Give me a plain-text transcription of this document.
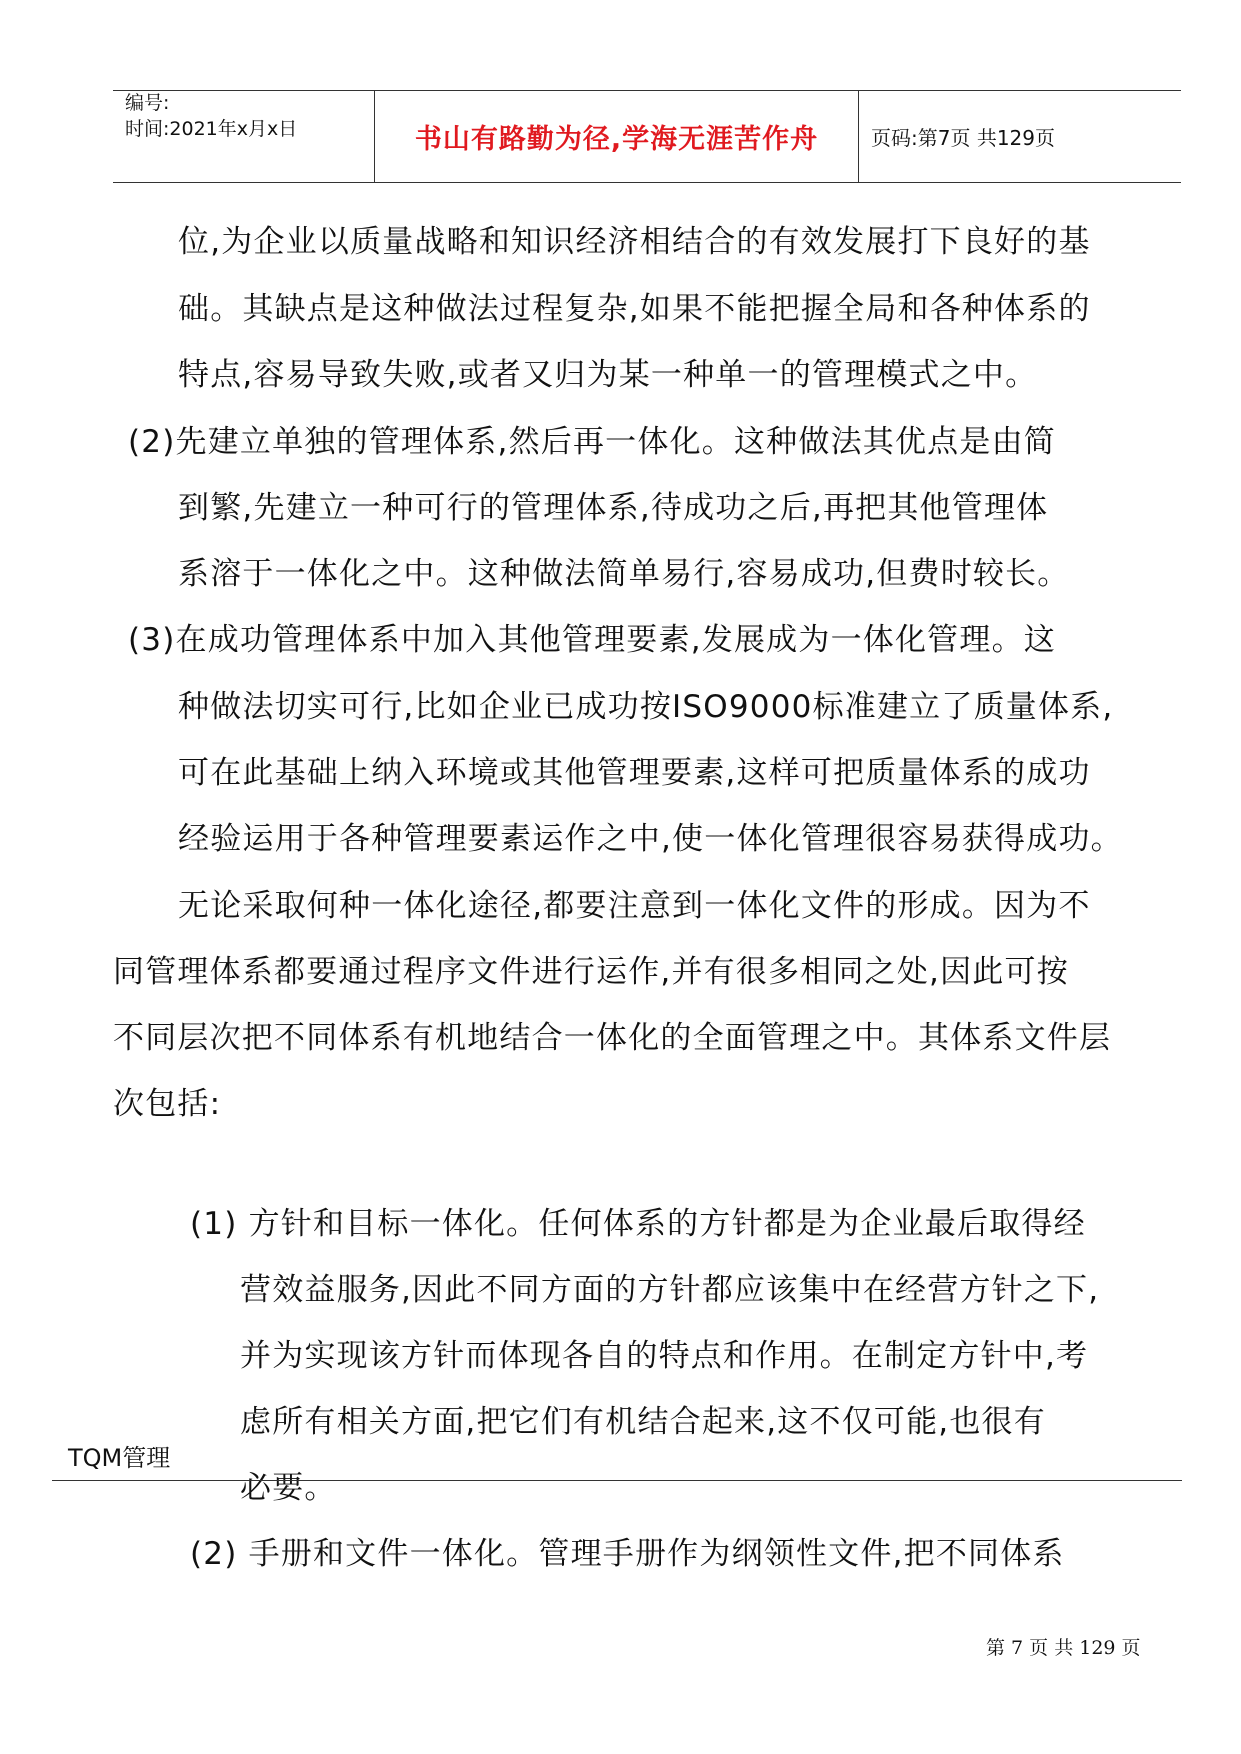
编号:
时间:2021年x月x日	书山有路勤为径,学海无涯苦作舟	页码:第7页 共129页
位,为企业以质量战略和知识经济相结合的有效发展打下良好的基
础。其缺点是这种做法过程复杂,如果不能把握全局和各种体系的
特点,容易导致失败,或者又归为某一种单一的管理模式之中。
(2)先建立单独的管理体系,然后再一体化。这种做法其优点是由简
到繁,先建立一种可行的管理体系,待成功之后,再把其他管理体
系溶于一体化之中。这种做法简单易行,容易成功,但费时较长。
(3)在成功管理体系中加入其他管理要素,发展成为一体化管理。这
种做法切实可行,比如企业已成功按ISO9000标准建立了质量体系,
可在此基础上纳入环境或其他管理要素,这样可把质量体系的成功
经验运用于各种管理要素运作之中,使一体化管理很容易获得成功。
无论采取何种一体化途径,都要注意到一体化文件的形成。因为不
同管理体系都要通过程序文件进行运作,并有很多相同之处,因此可按
不同层次把不同体系有机地结合一体化的全面管理之中。其体系文件层
次包括:
(1) 方针和目标一体化。任何体系的方针都是为企业最后取得经
营效益服务,因此不同方面的方针都应该集中在经营方针之下,
并为实现该方针而体现各自的特点和作用。在制定方针中,考
虑所有相关方面,把它们有机结合起来,这不仅可能,也很有
必要。
(2) 手册和文件一体化。管理手册作为纲领性文件,把不同体系
TQM管理
第 7 页 共 129 页
